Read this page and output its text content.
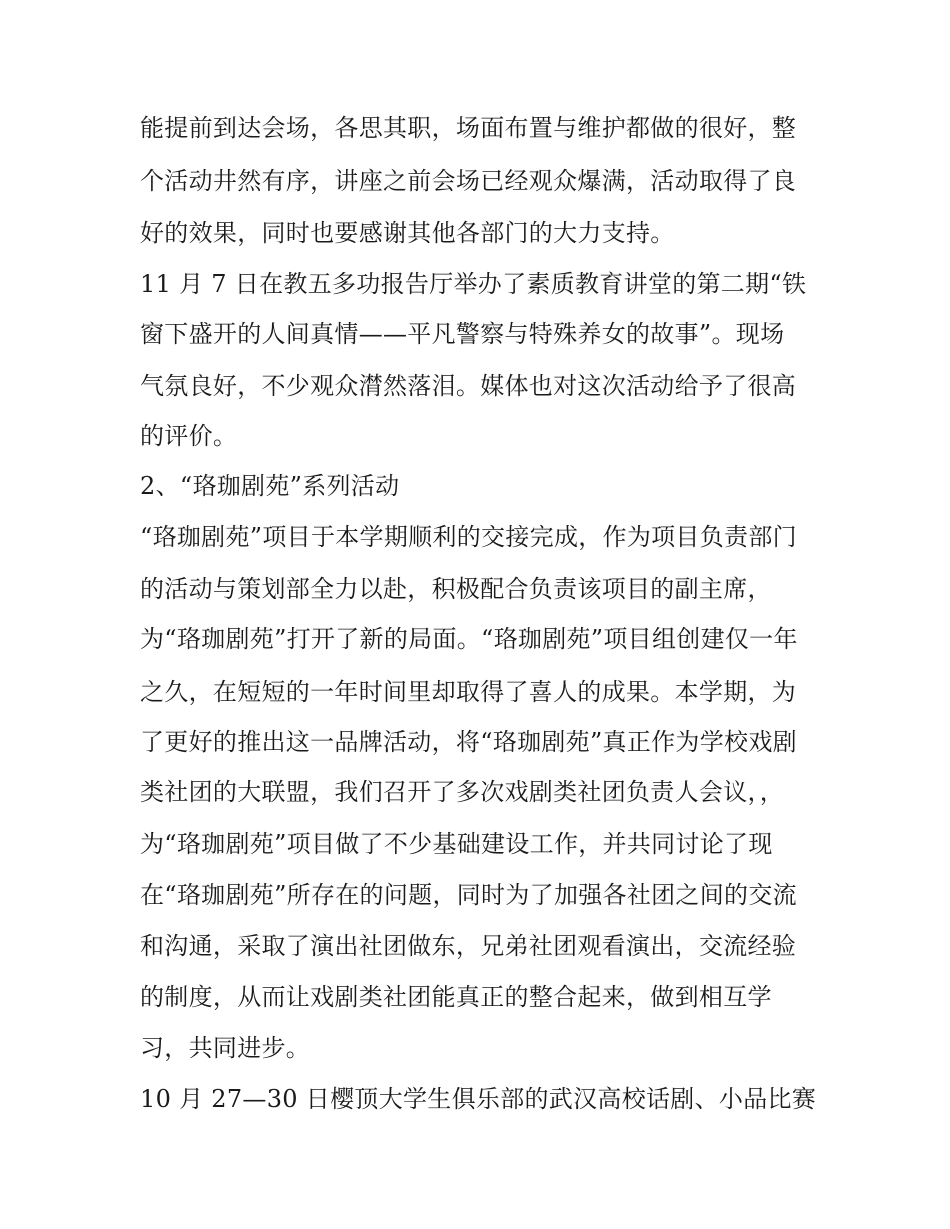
能提前到达会场，各思其职，场面布置与维护都做的很好，整
个活动井然有序，讲座之前会场已经观众爆满，活动取得了良
好的效果，同时也要感谢其他各部门的大力支持。
11 月 7 日在教五多功报告厅举办了素质教育讲堂的第二期“铁
窗下盛开的人间真情——平凡警察与特殊养女的故事”。现场
气氛良好，不少观众潸然落泪。媒体也对这次活动给予了很高
的评价。
2、“珞珈剧苑”系列活动
“珞珈剧苑”项目于本学期顺利的交接完成，作为项目负责部门
的活动与策划部全力以赴，积极配合负责该项目的副主席，
为“珞珈剧苑”打开了新的局面。“珞珈剧苑”项目组创建仅一年
之久，在短短的一年时间里却取得了喜人的成果。本学期，为
了更好的推出这一品牌活动，将“珞珈剧苑”真正作为学校戏剧
类社团的大联盟，我们召开了多次戏剧类社团负责人会议，，
为“珞珈剧苑”项目做了不少基础建设工作，并共同讨论了现
在“珞珈剧苑”所存在的问题，同时为了加强各社团之间的交流
和沟通，采取了演出社团做东，兄弟社团观看演出，交流经验
的制度，从而让戏剧类社团能真正的整合起来，做到相互学
习，共同进步。
10 月 27—30 日樱顶大学生俱乐部的武汉高校话剧、小品比赛
